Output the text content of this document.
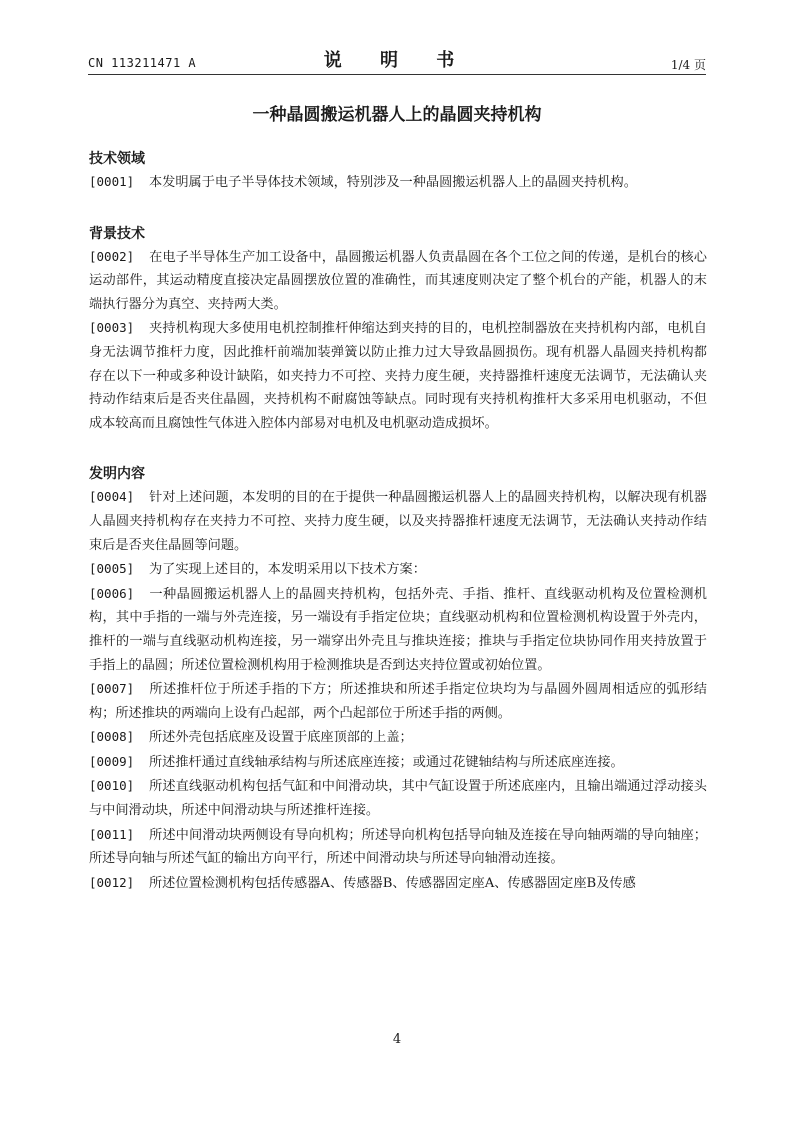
CN 113211471 A	说 明 书	1/4 页
一种晶圆搬运机器人上的晶圆夹持机构
技术领域

[0001] 本发明属于电子半导体技术领域，特别涉及一种晶圆搬运机器人上的晶圆夹持机构。

背景技术

[0002] 在电子半导体生产加工设备中，晶圆搬运机器人负责晶圆在各个工位之间的传递，是机台的核心运动部件，其运动精度直接决定晶圆摆放位置的准确性，而其速度则决定了整个机台的产能，机器人的末端执行器分为真空、夹持两大类。

[0003] 夹持机构现大多使用电机控制推杆伸缩达到夹持的目的，电机控制器放在夹持机构内部，电机自身无法调节推杆力度，因此推杆前端加装弹簧以防止推力过大导致晶圆损伤。现有机器人晶圆夹持机构都存在以下一种或多种设计缺陷，如夹持力不可控、夹持力度生硬，夹持器推杆速度无法调节，无法确认夹持动作结束后是否夹住晶圆，夹持机构不耐腐蚀等缺点。同时现有夹持机构推杆大多采用电机驱动，不但成本较高而且腐蚀性气体进入腔体内部易对电机及电机驱动造成损坏。

发明内容

[0004] 针对上述问题，本发明的目的在于提供一种晶圆搬运机器人上的晶圆夹持机构，以解决现有机器人晶圆夹持机构存在夹持力不可控、夹持力度生硬，以及夹持器推杆速度无法调节，无法确认夹持动作结束后是否夹住晶圆等问题。

[0005] 为了实现上述目的，本发明采用以下技术方案：

[0006] 一种晶圆搬运机器人上的晶圆夹持机构，包括外壳、手指、推杆、直线驱动机构及位置检测机构，其中手指的一端与外壳连接，另一端设有手指定位块；直线驱动机构和位置检测机构设置于外壳内，推杆的一端与直线驱动机构连接，另一端穿出外壳且与推块连接；推块与手指定位块协同作用夹持放置于手指上的晶圆；所述位置检测机构用于检测推块是否到达夹持位置或初始位置。

[0007] 所述推杆位于所述手指的下方；所述推块和所述手指定位块均为与晶圆外圆周相适应的弧形结构；所述推块的两端向上设有凸起部，两个凸起部位于所述手指的两侧。

[0008] 所述外壳包括底座及设置于底座顶部的上盖；

[0009] 所述推杆通过直线轴承结构与所述底座连接；或通过花键轴结构与所述底座连接。

[0010] 所述直线驱动机构包括气缸和中间滑动块，其中气缸设置于所述底座内，且输出端通过浮动接头与中间滑动块，所述中间滑动块与所述推杆连接。

[0011] 所述中间滑动块两侧设有导向机构；所述导向机构包括导向轴及连接在导向轴两端的导向轴座；所述导向轴与所述气缸的输出方向平行，所述中间滑动块与所述导向轴滑动连接。

[0012] 所述位置检测机构包括传感器A、传感器B、传感器固定座A、传感器固定座B及传感

4
